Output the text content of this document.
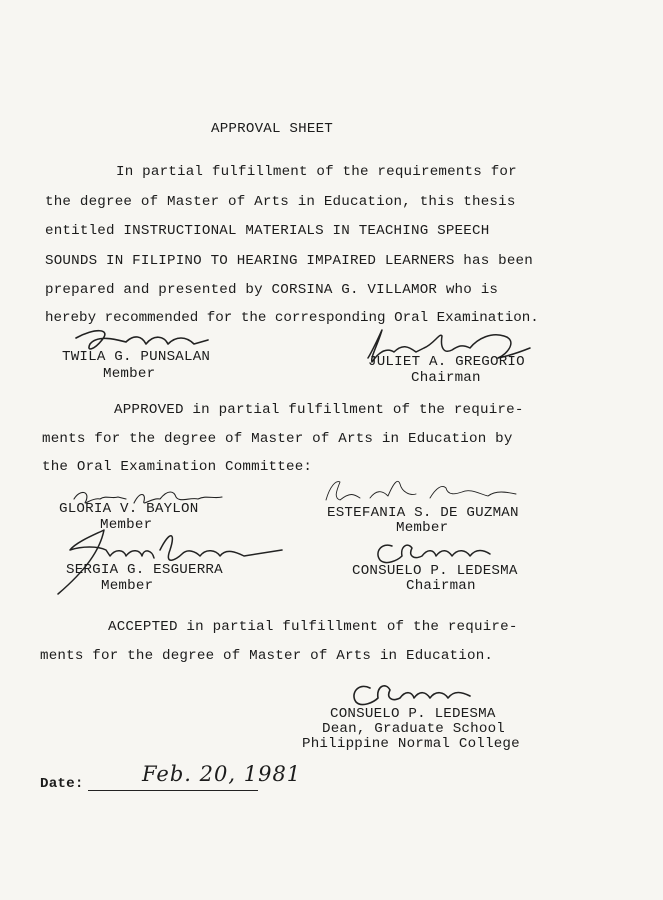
APPROVAL SHEET
In partial fulfillment of the requirements for
the degree of Master of Arts in Education, this thesis
entitled INSTRUCTIONAL MATERIALS IN TEACHING SPEECH
SOUNDS IN FILIPINO TO HEARING IMPAIRED LEARNERS has been
prepared and presented by CORSINA G. VILLAMOR who is
hereby recommended for the corresponding Oral Examination.
TWILA G. PUNSALAN
Member
JULIET A. GREGORIO
Chairman
APPROVED in partial fulfillment of the require-
ments for the degree of Master of Arts in Education by
the Oral Examination Committee:
GLORIA V. BAYLON
Member
ESTEFANIA S. DE GUZMAN
Member
SERGIA G. ESGUERRA
Member
CONSUELO P. LEDESMA
Chairman
ACCEPTED in partial fulfillment of the require-
ments for the degree of Master of Arts in Education.
CONSUELO P. LEDESMA
Dean, Graduate School
Philippine Normal College
Date:	Feb. 20, 1981
